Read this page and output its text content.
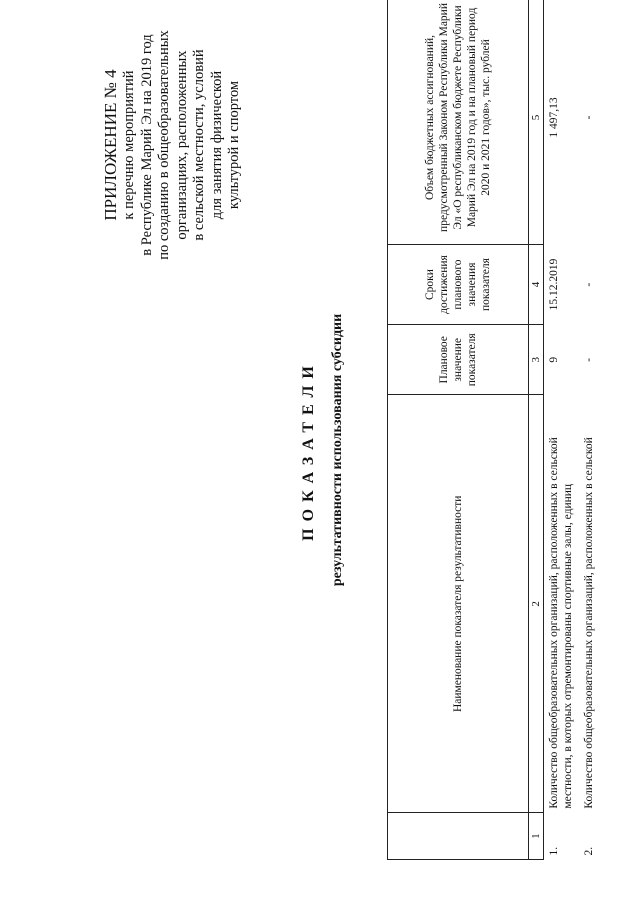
ПРИЛОЖЕНИЕ № 4 к перечню мероприятий в Республике Марий Эл на 2019 год по созданию в общеобразовательных организациях, расположенных в сельской местности, условий для занятия физической культурой и спортом
ПОКАЗАТЕЛИ результативности использования субсидии
	Наименование показателя результативности	Плановое значение показателя	Сроки достижения планового значения показателя	Объем бюджетных ассигнований, предусмотренный Законом Республики Марий Эл «О республиканском бюджете Республики Марий Эл на 2019 год и на плановый период 2020 и 2021 годов», тыс. рублей
1	2	3	4	5
1.	Количество общеобразовательных организаций, расположенных в сельской местности, в которых отремонтированы спортивные залы, единиц	9	15.12.2019	1 497,13
2.	Количество общеобразовательных организаций, расположенных в сельской	-	-	-
